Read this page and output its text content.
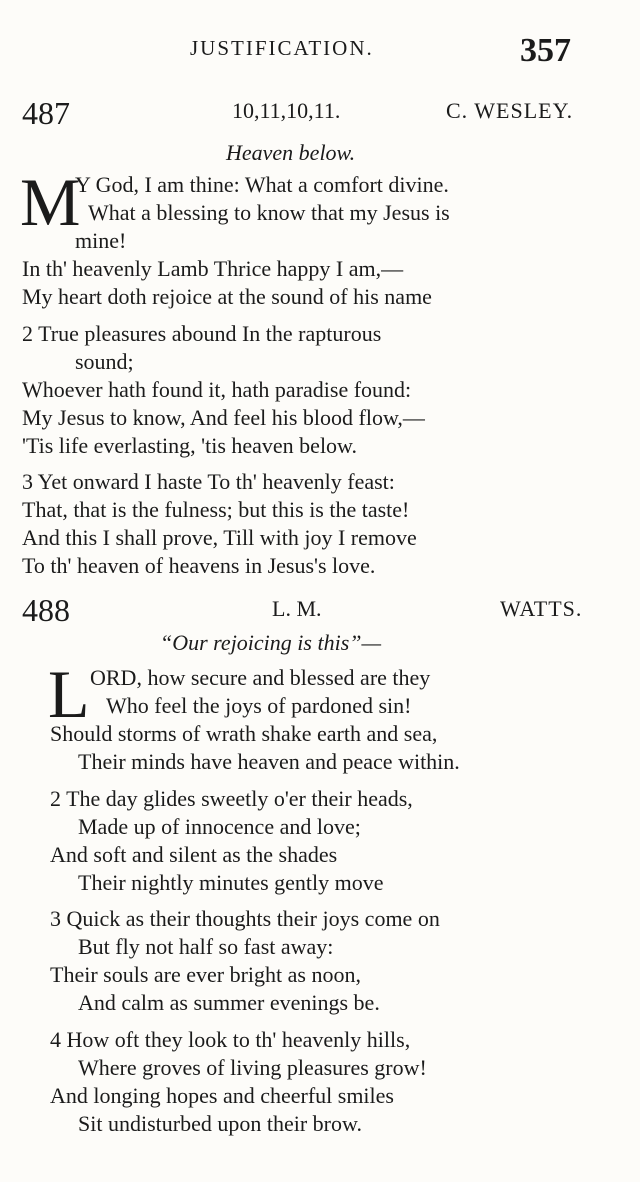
JUSTIFICATION.	357
487	10,11,10,11.	C. WESLEY.
Heaven below.
M
Y God, I am thine: What a comfort divine.
What a blessing to know that my Jesus is
mine!
In th' heavenly Lamb Thrice happy I am,—
My heart doth rejoice at the sound of his name
2 True pleasures abound In the rapturous
sound;
Whoever hath found it, hath paradise found:
My Jesus to know, And feel his blood flow,—
'Tis life everlasting, 'tis heaven below.
3 Yet onward I haste To th' heavenly feast:
That, that is the fulness; but this is the taste!
And this I shall prove, Till with joy I remove
To th' heaven of heavens in Jesus's love.
488	L. M.	WATTS.
“Our rejoicing is this”—
L ORD, how secure and blessed are they
Who feel the joys of pardoned sin!
Should storms of wrath shake earth and sea,
Their minds have heaven and peace within.
2 The day glides sweetly o'er their heads,
Made up of innocence and love;
And soft and silent as the shades
Their nightly minutes gently move
3 Quick as their thoughts their joys come on
But fly not half so fast away:
Their souls are ever bright as noon,
And calm as summer evenings be.
4 How oft they look to th' heavenly hills,
Where groves of living pleasures grow!
And longing hopes and cheerful smiles
Sit undisturbed upon their brow.
